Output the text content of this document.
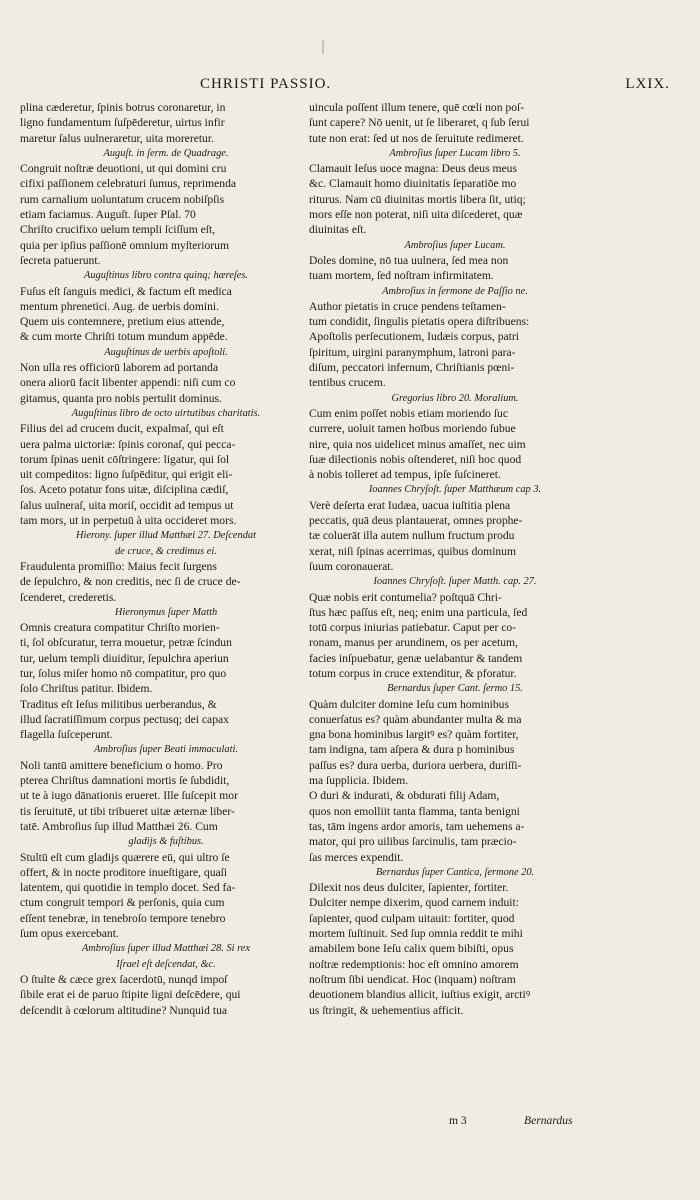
CHRISTI PASSIO.	LXIX.
plina cæderetur, ſpinis botrus coronaretur, in
ligno fundamentum ſuſpēderetur, uirtus infir
maretur ſalus uulneraretur, uita moreretur.
Auguſt. in ſerm. de Quadrage.
Congruit noſtræ deuotioni, ut qui domini cru
cifixi paſſionem celebraturi ſumus, reprimenda
rum carnalium uoluntatum crucem nobiſpſis
etiam faciamus. Auguſt. ſuper Pſal. 70
Chriſto crucifixo uelum templi ſciſſum eſt,
quia per ipſius paſſionē omnium myſteriorum
ſecreta patuerunt.
Auguſtinus libro contra quinq; hæreſes.
Fuſus eſt ſanguis medici, & factum eſt medica
mentum phrenetici. Aug. de uerbis domini.
Quem uis contemnere, pretium eius attende,
& cum morte Chriſti totum mundum appēde.
Auguſtinus de uerbis apoſtoli.
Non ulla res officiorū laborem ad portanda
onera aliorū facit libenter appendi: niſi cum co
gitamus, quanta pro nobis pertulit dominus.
Auguſtinus libro de octo uirtutibus charitatis.
Filius dei ad crucem ducit, expalmaſ, qui eſt
uera palma uictoriæ: ſpinis coronaſ, qui pecca-
torum ſpinas uenit cōſtringere: ligatur, qui ſol
uit compeditos: ligno ſuſpēditur, qui erigit eli-
ſos. Aceto potatur fons uitæ, diſciplina cædiſ,
ſalus uulneraſ, uita moriſ, occidit ad tempus ut
tam mors, ut in perpetuū à uita occideret mors.
Hierony. ſuper illud Matthæi 27. Deſcendat
de cruce, & credimus ei.
Fraudulenta promiſſio: Maius fecit ſurgens
de ſepulchro, & non creditis, nec ſi de cruce de-
ſcenderet, crederetis.
Hieronymus ſuper Matth
Omnis creatura compatitur Chriſto morien-
ti, ſol obſcuratur, terra mouetur, petræ ſcindun
tur, uelum templi diuiditur, ſepulchra aperiun
tur, ſolus miſer homo nō compatitur, pro quo
ſolo Chriſtus patitur. Ibidem.
Traditus eſt Ieſus militibus uerberandus, &
illud ſacratiſſimum corpus pectusq; dei capax
flagella ſuſceperunt.
Ambroſius ſuper Beati immaculati.
Noli tantū amittere beneficium o homo. Pro
pterea Chriſtus damnationi mortis ſe ſubdidit,
ut te à iugo dānationis erueret. Ille ſuſcepit mor
tis ſeruitutē, ut tibi tribueret uitæ æternæ liber-
tatē. Ambroſius ſup illud Matthæi 26. Cum
gladijs & fuſtibus.
Stultū eſt cum gladijs quærere eū, qui ultro ſe
offert, & in nocte proditore inueſtigare, quaſi
latentem, qui quotidie in templo docet. Sed fa-
ctum congruit tempori & perſonis, quia cum
eſſent tenebræ, in tenebroſo tempore tenebro
ſum opus exercebant.
Ambroſius ſuper illud Matthæi 28. Si rex
Iſrael eſt deſcendat, &c.
O ſtulte & cæce grex ſacerdotū, nunqd impoſ
ſibile erat ei de paruo ſtipite ligni deſcēdere, qui
deſcendit à cœlorum altitudine? Nunquid tua
uincula poſſent illum tenere, quē cœli non poſ-
ſunt capere? Nō uenit, ut ſe liberaret, q ſub ſerui
tute non erat: ſed ut nos de ſeruitute redimeret.
Ambroſius ſuper Lucam libro 5.
Clamauit Ieſus uoce magna: Deus deus meus
&c. Clamauit homo diuinitatis ſeparatiōe mo
riturus. Nam cū diuinitas mortis libera ſit, utiq;
mors eſſe non poterat, niſi uita diſcederet, quæ
diuinitas eſt.
Ambroſius ſuper Lucam.
Doles domine, nō tua uulnera, ſed mea non
tuam mortem, ſed noſtram infirmitatem.
Ambroſius in ſermone de Paſſio ne.
Author pietatis in cruce pendens teſtamen-
tum condidit, ſingulis pietatis opera diſtribuens:
Apoſtolis perſecutionem, Iudæis corpus, patri
ſpiritum, uirgini paranymphum, latroni para-
diſum, peccatori infernum, Chriſtianis pœni-
tentibus crucem.
Gregorius libro 20. Moralium.
Cum enim poſſet nobis etiam moriendo ſuc
currere, uoluit tamen hoībus moriendo ſubue
nire, quia nos uidelicet minus amaſſet, nec uim
ſuæ dilectionis nobis oſtenderet, niſi hoc quod
à nobis tolleret ad tempus, ipſe ſuſcineret.
Ioannes Chryſoſt. ſuper Matthæum cap 3.
Verè deſerta erat Iudæa, uacua iuſtitia plena
peccatis, quā deus plantauerat, omnes prophe-
tæ coluerāt illa autem nullum fructum produ
xerat, niſi ſpinas acerrimas, quibus dominum
ſuum coronauerat.
Ioannes Chryſoſt. ſuper Matth. cap. 27.
Quæ nobis erit contumelia? poſtquā Chri-
ſtus hæc paſſus eſt, neq; enim una particula, ſed
totū corpus iniurias patiebatur. Caput per co-
ronam, manus per arundinem, os per acetum,
facies inſpuebatur, genæ uelabantur & tandem
totum corpus in cruce extenditur, & pforatur.
Bernardus ſuper Cant. ſermo 15.
Quàm dulciter domine Ieſu cum hominibus
conuerſatus es? quàm abundanter multa & ma
gna bona hominibus largitꝰ es? quàm fortiter,
tam indigna, tam aſpera & dura p hominibus
paſſus es? dura uerba, duriora uerbera, duriſſi-
ma ſupplicia. Ibidem.
O duri & indurati, & obdurati filij Adam,
quos non emolliit tanta flamma, tanta benigni
tas, tām ingens ardor amoris, tam uehemens a-
mator, qui pro uilibus ſarcinulis, tam præcio-
ſas merces expendit.
Bernardus ſuper Cantica, ſermone 20.
Dilexit nos deus dulciter, ſapienter, fortiter.
Dulciter nempe dixerim, quod carnem induit:
ſapienter, quod culpam uitauit: fortiter, quod
mortem ſuſtinuit. Sed ſup omnia reddit te mihi
amabilem bone Ieſu calix quem bibiſti, opus
noſtræ redemptionis: hoc eſt omnino amorem
noſtrum ſibi uendicat. Hoc (inquam) noſtram
deuotionem blandius allicit, iuſtius exigit, arctiꝰ
us ſtringit, & uehementius afficit.
m 3	Bernardus
